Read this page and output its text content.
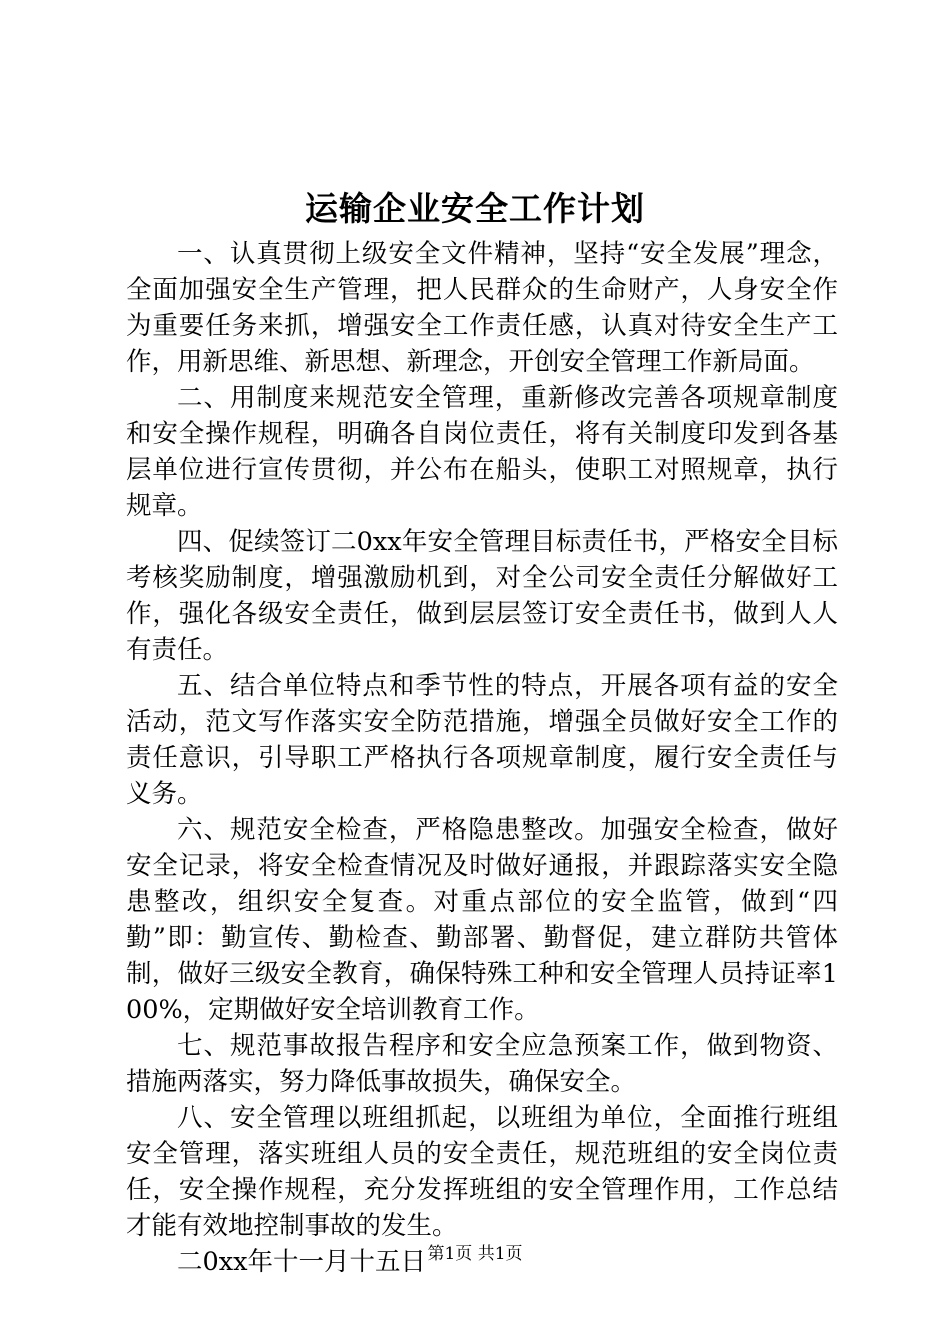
运输企业安全工作计划

一、认真贯彻上级安全文件精神，坚持“安全发展”理念，全面加强安全生产管理，把人民群众的生命财产，人身安全作为重要任务来抓，增强安全工作责任感，认真对待安全生产工作，用新思维、新思想、新理念，开创安全管理工作新局面。

二、用制度来规范安全管理，重新修改完善各项规章制度和安全操作规程，明确各自岗位责任，将有关制度印发到各基层单位进行宣传贯彻，并公布在船头，使职工对照规章，执行规章。

四、促续签订二0xx年安全管理目标责任书，严格安全目标考核奖励制度，增强激励机到，对全公司安全责任分解做好工作，强化各级安全责任，做到层层签订安全责任书，做到人人有责任。

五、结合单位特点和季节性的特点，开展各项有益的安全活动，范文写作落实安全防范措施，增强全员做好安全工作的责任意识，引导职工严格执行各项规章制度，履行安全责任与义务。

六、规范安全检查，严格隐患整改。加强安全检查，做好安全记录，将安全检查情况及时做好通报，并跟踪落实安全隐患整改，组织安全复查。对重点部位的安全监管，做到“四勤”即：勤宣传、勤检查、勤部署、勤督促，建立群防共管体制，做好三级安全教育，确保特殊工种和安全管理人员持证率100%，定期做好安全培训教育工作。

七、规范事故报告程序和安全应急预案工作，做到物资、措施两落实，努力降低事故损失，确保安全。

八、安全管理以班组抓起，以班组为单位，全面推行班组安全管理，落实班组人员的安全责任，规范班组的安全岗位责任，安全操作规程，充分发挥班组的安全管理作用，工作总结才能有效地控制事故的发生。

二0xx年十一月十五日 第1页 共1页
